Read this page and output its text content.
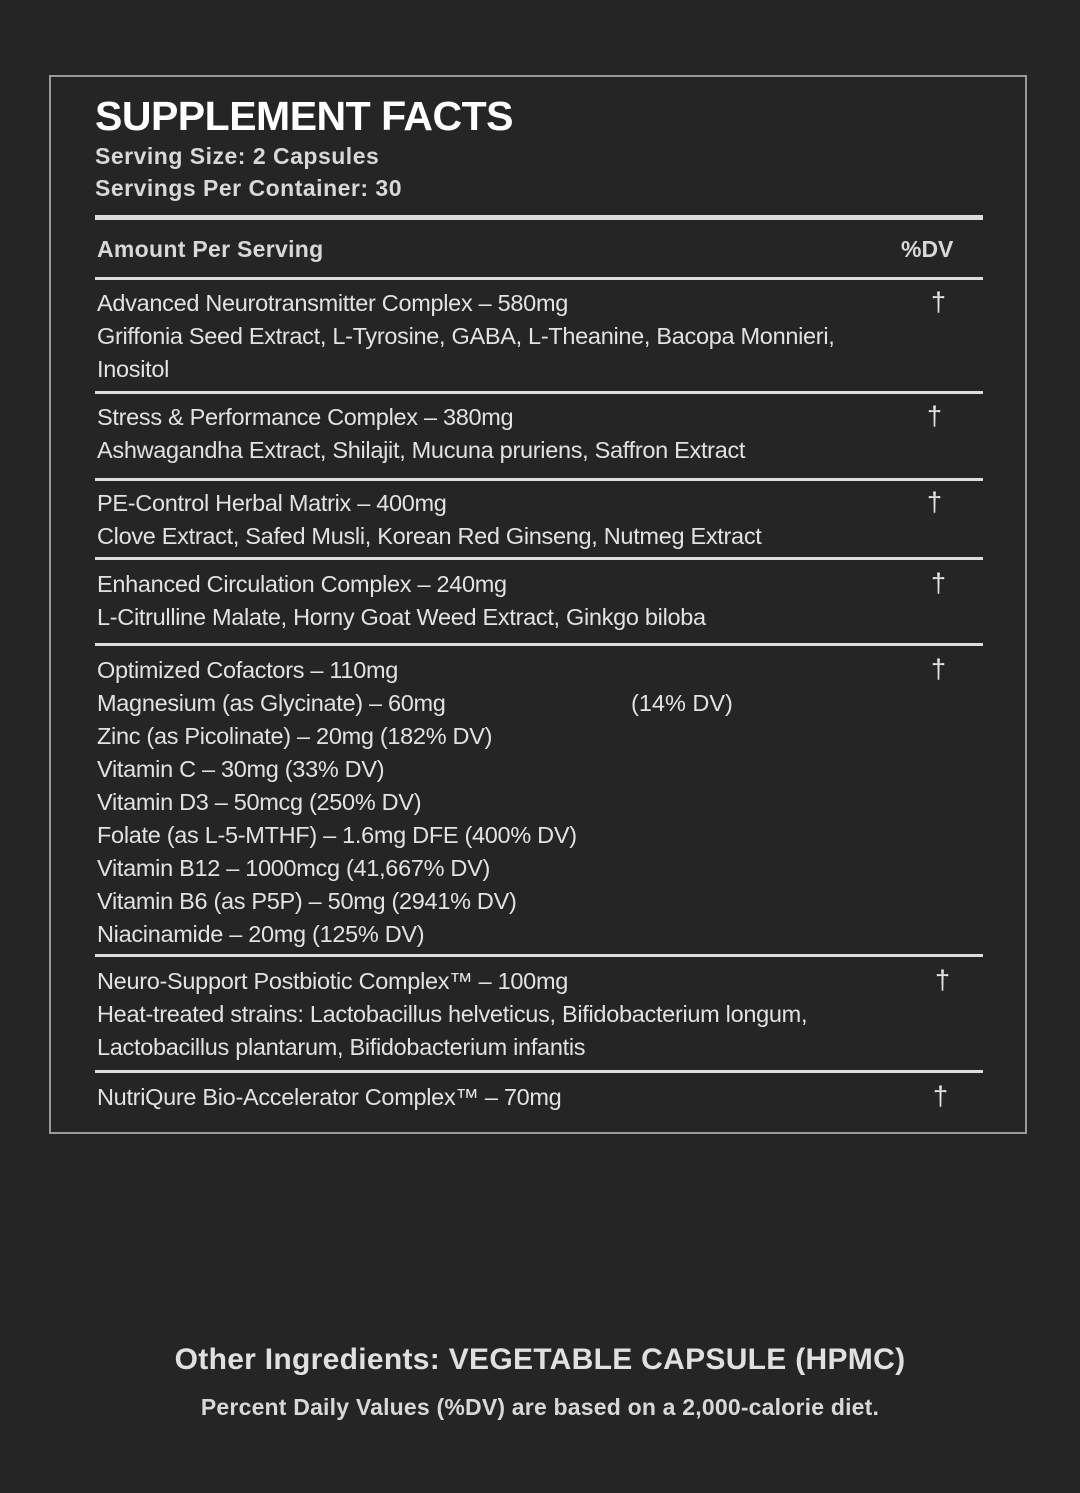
SUPPLEMENT FACTS
Serving Size: 2 Capsules
Servings Per Container: 30
Amount Per Serving	%DV
Advanced Neurotransmitter Complex – 580mg
Griffonia Seed Extract, L-Tyrosine, GABA, L-Theanine, Bacopa Monnieri,
Inositol
†
Stress & Performance Complex – 380mg
Ashwagandha Extract, Shilajit, Mucuna pruriens, Saffron Extract
†
PE-Control Herbal Matrix – 400mg
Clove Extract, Safed Musli, Korean Red Ginseng, Nutmeg Extract
†
Enhanced Circulation Complex – 240mg
L-Citrulline Malate, Horny Goat Weed Extract, Ginkgo biloba
†
Optimized Cofactors – 110mg
Magnesium (as Glycinate) – 60mg
Zinc (as Picolinate) – 20mg (182% DV)
Vitamin C – 30mg (33% DV)
Vitamin D3 – 50mcg (250% DV)
Folate (as L-5-MTHF) – 1.6mg DFE (400% DV)
Vitamin B12 – 1000mcg (41,667% DV)
Vitamin B6 (as P5P) – 50mg (2941% DV)
Niacinamide – 20mg (125% DV)
(14% DV)
†
Neuro-Support Postbiotic Complex™ – 100mg
Heat-treated strains: Lactobacillus helveticus, Bifidobacterium longum,
Lactobacillus plantarum, Bifidobacterium infantis
†
NutriQure Bio-Accelerator Complex™ – 70mg	†
Other Ingredients: VEGETABLE CAPSULE (HPMC)
Percent Daily Values (%DV) are based on a 2,000-calorie diet.
